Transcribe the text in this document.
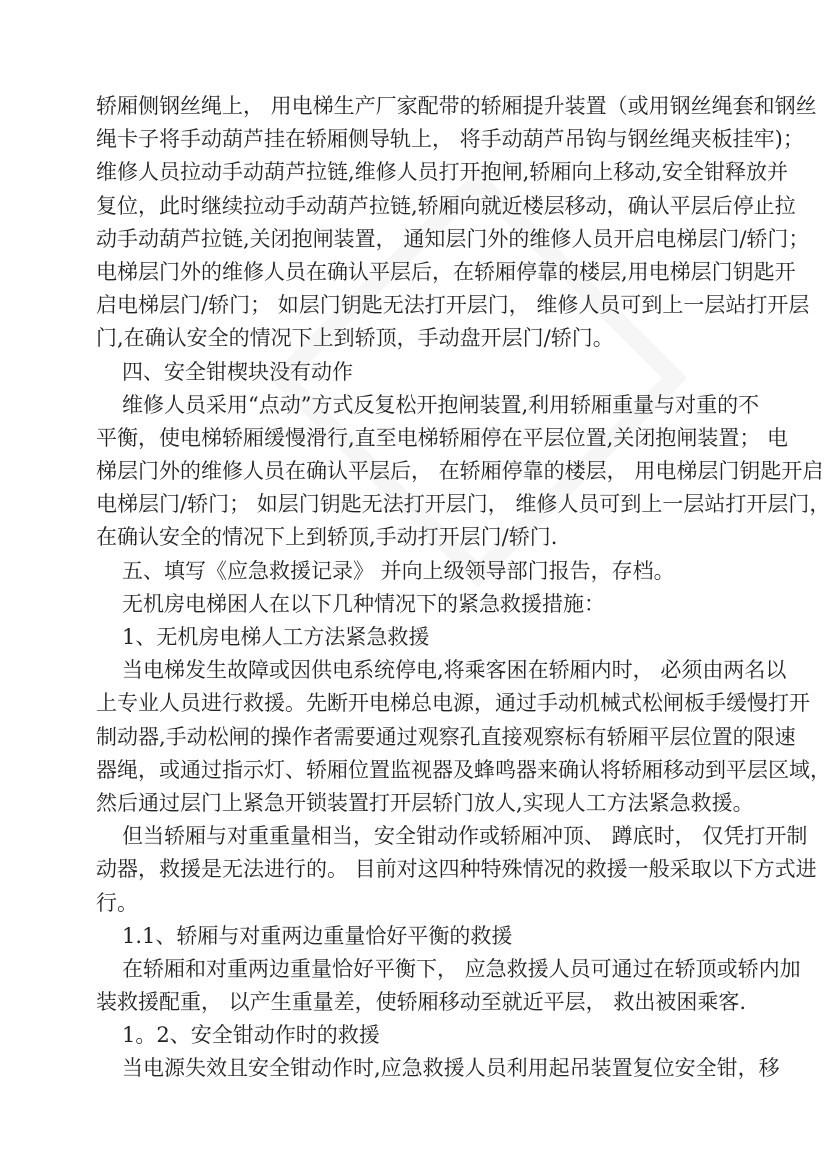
轿厢侧钢丝绳上， 用电梯生产厂家配带的轿厢提升装置（或用钢丝绳套和钢丝
绳卡子将手动葫芦挂在轿厢侧导轨上， 将手动葫芦吊钩与钢丝绳夹板挂牢)；
维修人员拉动手动葫芦拉链,维修人员打开抱闸,轿厢向上移动,安全钳释放并
复位，此时继续拉动手动葫芦拉链,轿厢向就近楼层移动，确认平层后停止拉
动手动葫芦拉链,关闭抱闸装置， 通知层门外的维修人员开启电梯层门/轿门；
电梯层门外的维修人员在确认平层后，在轿厢停靠的楼层,用电梯层门钥匙开
启电梯层门/轿门； 如层门钥匙无法打开层门， 维修人员可到上一层站打开层
门,在确认安全的情况下上到轿顶，手动盘开层门/轿门。
四、安全钳楔块没有动作
维修人员采用“点动”方式反复松开抱闸装置,利用轿厢重量与对重的不
平衡，使电梯轿厢缓慢滑行,直至电梯轿厢停在平层位置,关闭抱闸装置； 电
梯层门外的维修人员在确认平层后， 在轿厢停靠的楼层， 用电梯层门钥匙开启
电梯层门/轿门； 如层门钥匙无法打开层门， 维修人员可到上一层站打开层门，
在确认安全的情况下上到轿顶,手动打开层门/轿门.
五、填写《应急救援记录》 并向上级领导部门报告，存档。
无机房电梯困人在以下几种情况下的紧急救援措施：
1、无机房电梯人工方法紧急救援
当电梯发生故障或因供电系统停电,将乘客困在轿厢内时， 必须由两名以
上专业人员进行救援。先断开电梯总电源，通过手动机械式松闸板手缓慢打开
制动器,手动松闸的操作者需要通过观察孔直接观察标有轿厢平层位置的限速
器绳，或通过指示灯、轿厢位置监视器及蜂鸣器来确认将轿厢移动到平层区域，
然后通过层门上紧急开锁装置打开层轿门放人,实现人工方法紧急救援。
但当轿厢与对重重量相当，安全钳动作或轿厢冲顶、 蹲底时， 仅凭打开制
动器，救援是无法进行的。 目前对这四种特殊情况的救援一般采取以下方式进
行。
1.1、轿厢与对重两边重量恰好平衡的救援
在轿厢和对重两边重量恰好平衡下， 应急救援人员可通过在轿顶或轿内加
装救援配重， 以产生重量差，使轿厢移动至就近平层， 救出被困乘客.
1。2、安全钳动作时的救援
当电源失效且安全钳动作时,应急救援人员利用起吊装置复位安全钳，移
